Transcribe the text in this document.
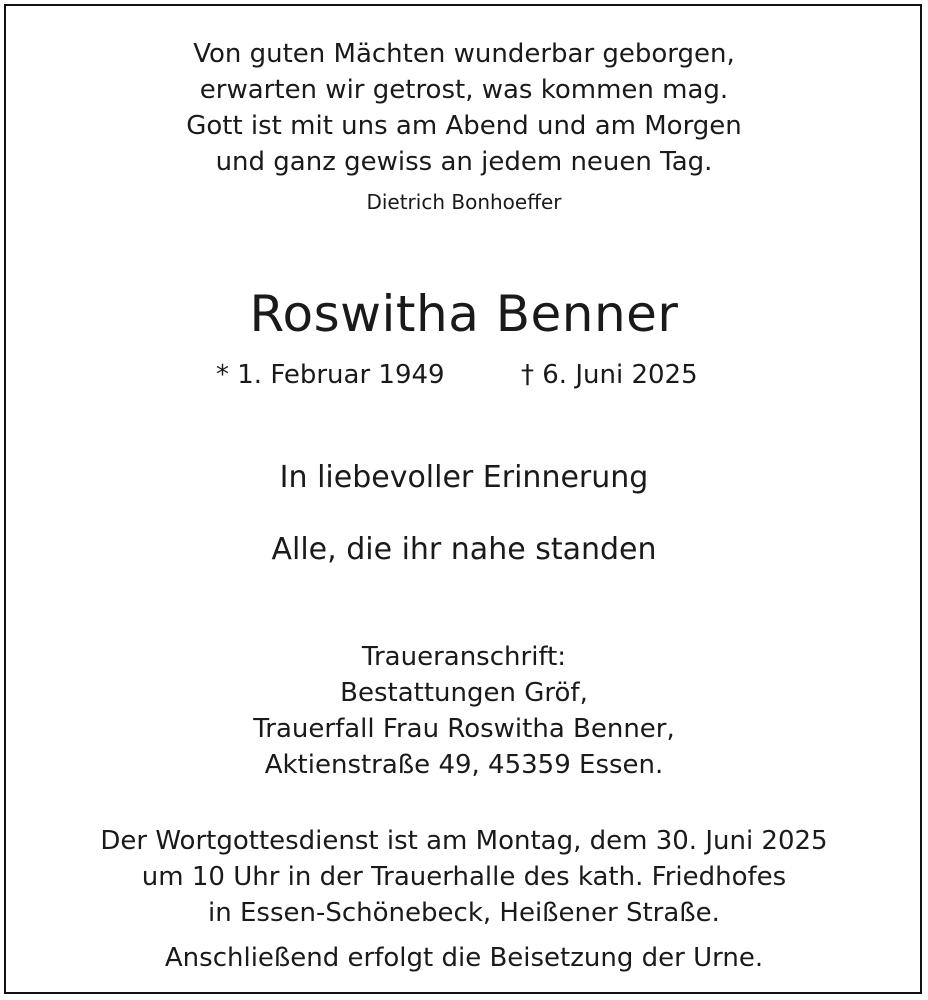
Von guten Mächten wunderbar geborgen,
erwarten wir getrost, was kommen mag.
Gott ist mit uns am Abend und am Morgen
und ganz gewiss an jedem neuen Tag.
Dietrich Bonhoeffer
Roswitha Benner
* 1. Februar 1949	† 6. Juni 2025
In liebevoller Erinnerung
Alle, die ihr nahe standen
Traueranschrift:
Bestattungen Gröf,
Trauerfall Frau Roswitha Benner,
Aktienstraße 49, 45359 Essen.
Der Wortgottesdienst ist am Montag, dem 30. Juni 2025
um 10 Uhr in der Trauerhalle des kath. Friedhofes
in Essen-Schönebeck, Heißener Straße.
Anschließend erfolgt die Beisetzung der Urne.
